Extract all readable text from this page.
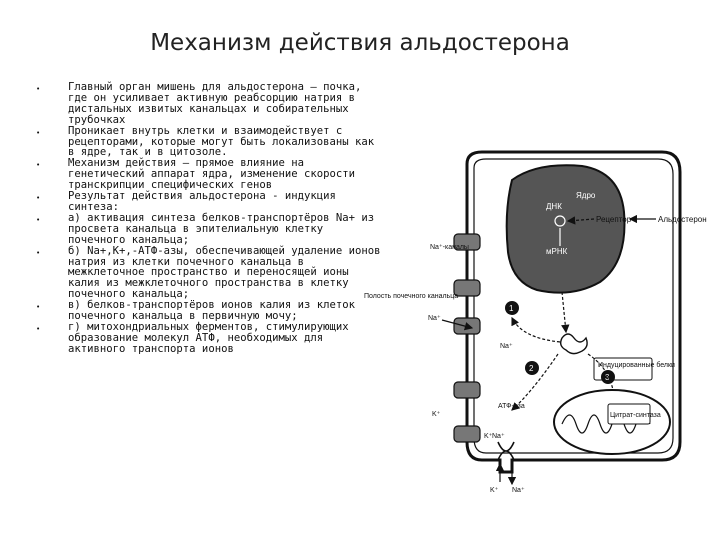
Механизм действия альдостерона
•	Главный орган мишень для альдостерона – почка, где он усиливает активную реабсорцию натрия в дистальных извитых канальцах и собирательных трубочках
•	Проникает внутрь клетки и взаимодействует с рецепторами, которые могут быть локализованы как в ядре, так и в цитозоле.
•	Механизм действия – прямое влияние на генетический аппарат ядра, изменение скорости транскрипции специфических генов
•	Результат действия альдостерона - индукция синтеза:
•	а) активация синтеза белков-транспортёров Na+ из просвета канальца в эпителиальную клетку почечного канальца;
•	б) Na+,K+,-АТФ-азы, обеспечивающей удаление ионов натрия из клетки почечного канальца в межклеточное пространство и переносящей ионы калия из межклеточного пространства в клетку почечного канальца;
•	в) белков-транспортёров ионов калия из клеток почечного канальца в первичную мочу;
•	г) митохондриальных ферментов, стимулирующих образование молекул АТФ, необходимых для активного транспорта ионов
Ядро
ДНК
мРНК
Рецептор	Альдостерон
Индуцированные белки
Na⁺-каналы
Полость почечного канальца
Na⁺
Na⁺
1
2
3
АТФ-аза
K⁺
Na⁺
K⁺
K⁺ Na⁺
Цитрат-синтаза
